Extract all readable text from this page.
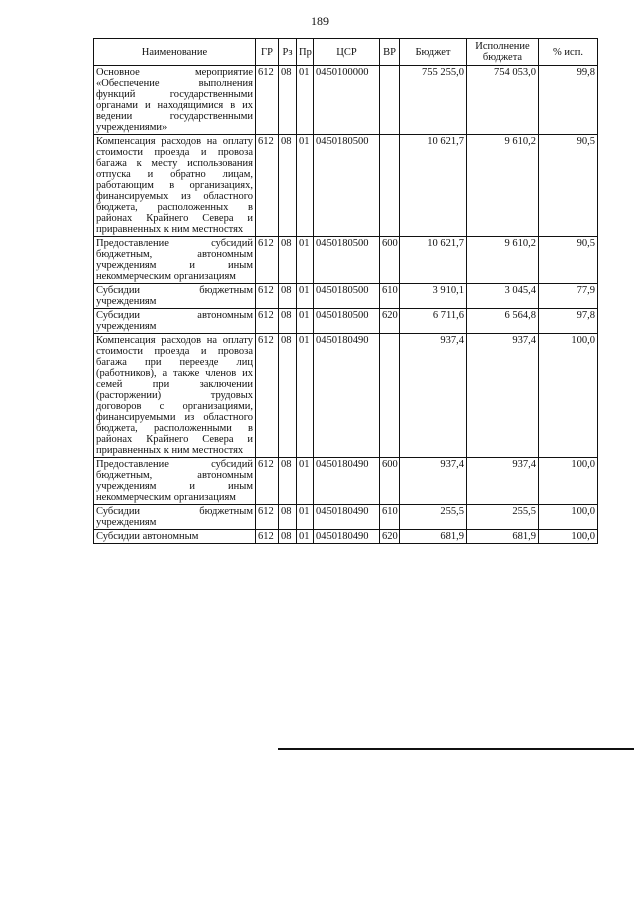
189
Наименование	ГР	Рз	Пр	ЦСР	ВР	Бюджет	Исполнение бюджета	% исп.
Основное мероприятие «Обеспечение выполнения функций государственными органами и находящимися в их ведении государственными учреждениями»	612	08	01	0450100000		755 255,0	754 053,0	99,8
Компенсация расходов на оплату стоимости проезда и провоза багажа к месту использования отпуска и обратно лицам, работающим в организациях, финансируемых из областного бюджета, расположенных в районах Крайнего Севера и приравненных к ним местностях	612	08	01	0450180500		10 621,7	9 610,2	90,5
Предоставление субсидий бюджетным, автономным учреждениям и иным некоммерческим организациям	612	08	01	0450180500	600	10 621,7	9 610,2	90,5
Субсидии бюджетным учреждениям	612	08	01	0450180500	610	3 910,1	3 045,4	77,9
Субсидии автономным учреждениям	612	08	01	0450180500	620	6 711,6	6 564,8	97,8
Компенсация расходов на оплату стоимости проезда и провоза багажа при переезде лиц (работников), а также членов их семей при заключении (расторжении) трудовых договоров с организациями, финансируемыми из областного бюджета, расположенными в районах Крайнего Севера и приравненных к ним местностях	612	08	01	0450180490		937,4	937,4	100,0
Предоставление субсидий бюджетным, автономным учреждениям и иным некоммерческим организациям	612	08	01	0450180490	600	937,4	937,4	100,0
Субсидии бюджетным учреждениям	612	08	01	0450180490	610	255,5	255,5	100,0
Субсидии автономным	612	08	01	0450180490	620	681,9	681,9	100,0
